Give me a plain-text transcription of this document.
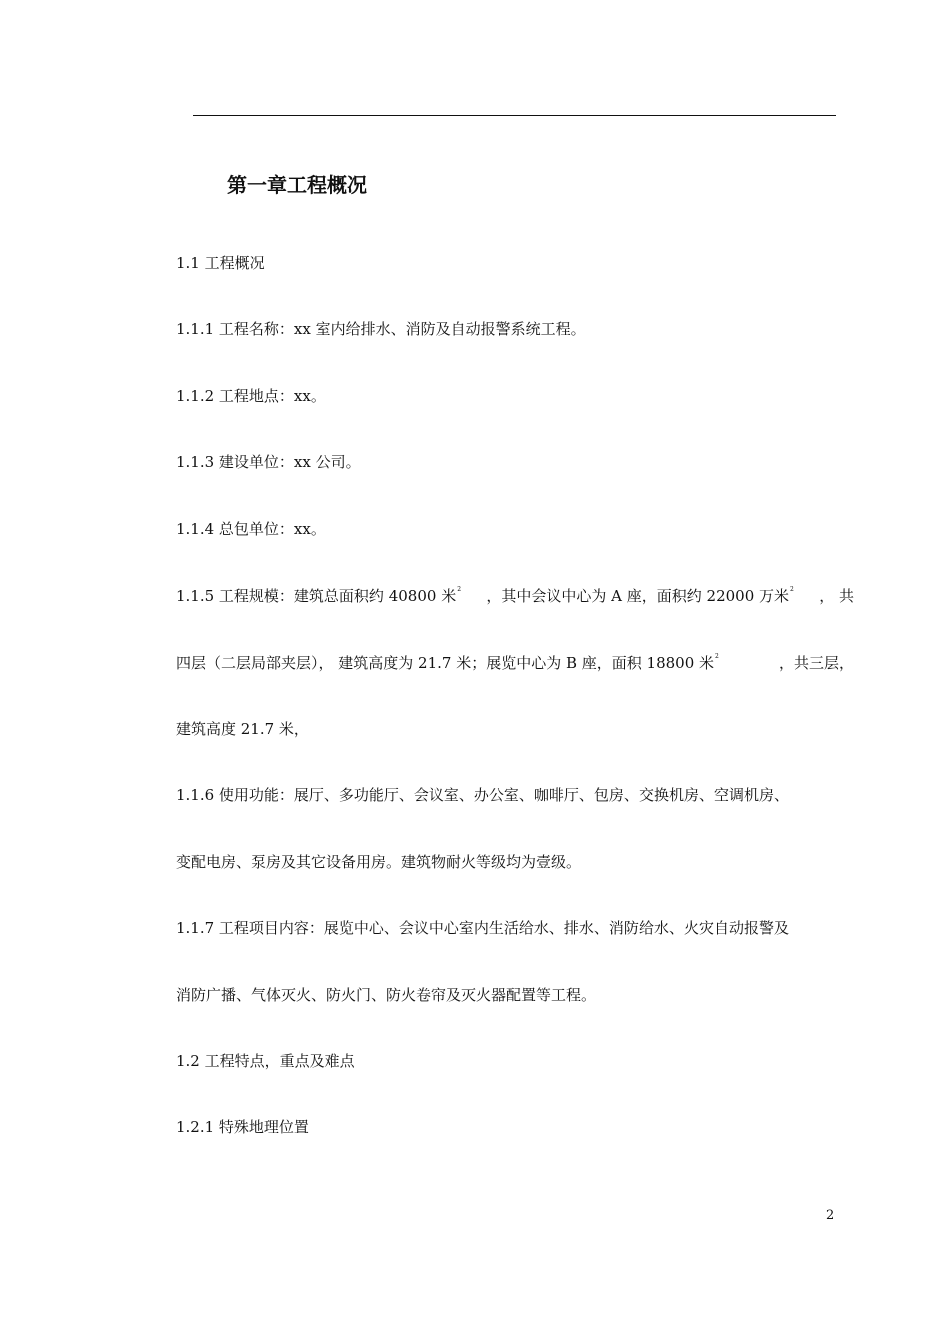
第一章工程概况
1.1 工程概况
1.1.1 工程名称：xx 室内给排水、消防及自动报警系统工程。
1.1.2 工程地点：xx。
1.1.3 建设单位：xx 公司。
1.1.4 总包单位：xx。
1.1.5 工程规模：建筑总面积约 40800 米$^2$ ，其中会议中心为 A 座，面积约 22000 万米$^2$ ， 共
四层（二层局部夹层）， 建筑高度为 21.7 米；展览中心为 B 座，面积 18800 米$^2$	，共三层，
建筑高度 21.7 米，
1.1.6 使用功能：展厅、多功能厅、会议室、办公室、咖啡厅、包房、交换机房、空调机房、
变配电房、泵房及其它设备用房。建筑物耐火等级均为壹级。
1.1.7 工程项目内容：展览中心、会议中心室内生活给水、排水、消防给水、火灾自动报警及
消防广播、气体灭火、防火门、防火卷帘及灭火器配置等工程。
1.2 工程特点，重点及难点
1.2.1 特殊地理位置
2
